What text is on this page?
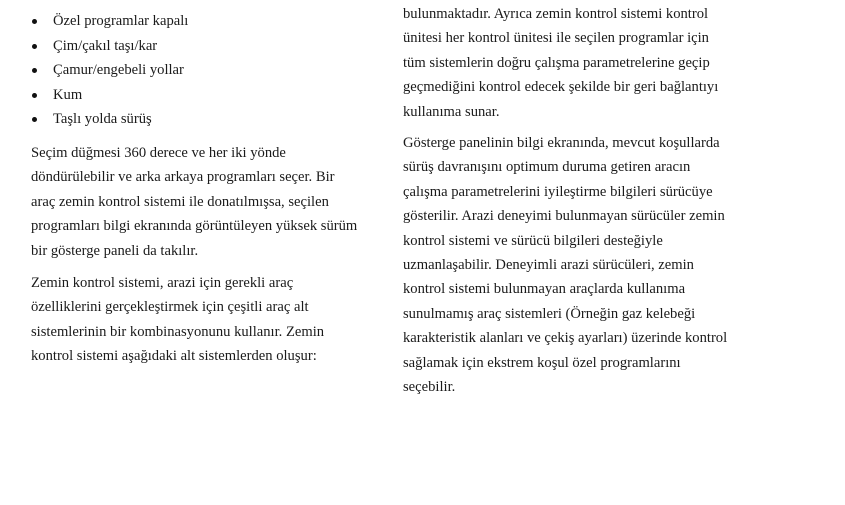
Özel programlar kapalı
Çim/çakıl taşı/kar
Çamur/engebeli yollar
Kum
Taşlı yolda sürüş

Seçim düğmesi 360 derece ve her iki yönde
döndürülebilir ve arka arkaya programları seçer. Bir
araç zemin kontrol sistemi ile donatılmışsa, seçilen
programları bilgi ekranında görüntüleyen yüksek sürüm
bir gösterge paneli da takılır.

Zemin kontrol sistemi, arazi için gerekli araç
özelliklerini gerçekleştirmek için çeşitli araç alt
sistemlerinin bir kombinasyonunu kullanır. Zemin
kontrol sistemi aşağıdaki alt sistemlerden oluşur:

bulunmaktadır. Ayrıca zemin kontrol sistemi kontrol
ünitesi her kontrol ünitesi ile seçilen programlar için
tüm sistemlerin doğru çalışma parametrelerine geçip
geçmediğini kontrol edecek şekilde bir geri bağlantıyı
kullanıma sunar.

Gösterge panelinin bilgi ekranında, mevcut koşullarda
sürüş davranışını optimum duruma getiren aracın
çalışma parametrelerini iyileştirme bilgileri sürücüye
gösterilir. Arazi deneyimi bulunmayan sürücüler zemin
kontrol sistemi ve sürücü bilgileri desteğiyle
uzmanlaşabilir. Deneyimli arazi sürücüleri, zemin
kontrol sistemi bulunmayan araçlarda kullanıma
sunulmamış araç sistemleri (Örneğin gaz kelebeği
karakteristik alanları ve çekiş ayarları) üzerinde kontrol
sağlamak için ekstrem koşul özel programlarını
seçebilir.
